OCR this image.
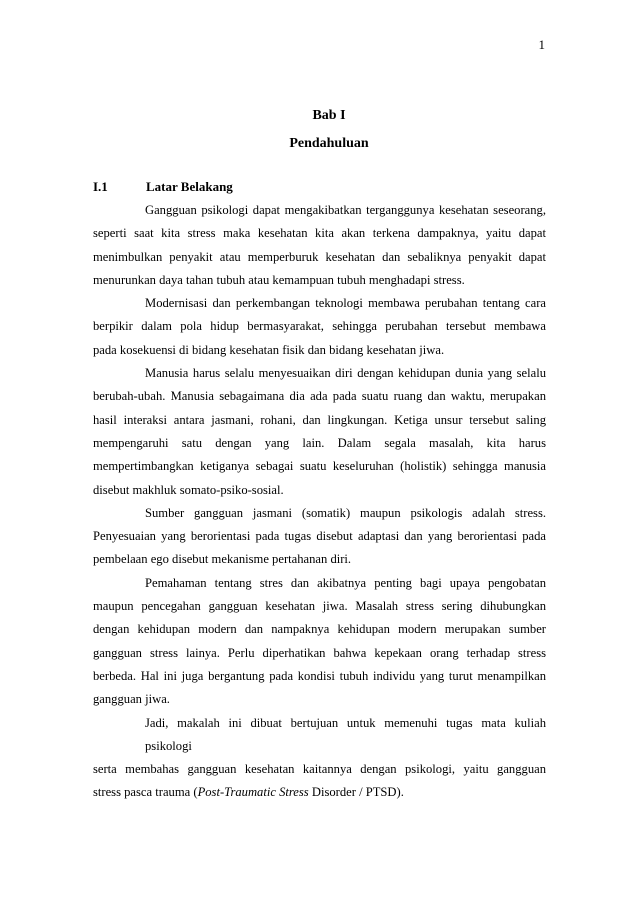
1
Bab I
Pendahuluan
I.1	Latar Belakang
Gangguan psikologi dapat mengakibatkan terganggunya kesehatan seseorang,
seperti saat kita stress maka kesehatan kita akan terkena dampaknya, yaitu dapat
menimbulkan penyakit atau memperburuk kesehatan dan sebaliknya penyakit dapat
menurunkan daya tahan tubuh atau kemampuan tubuh menghadapi stress.
Modernisasi dan perkembangan teknologi membawa perubahan tentang cara
berpikir dalam pola hidup bermasyarakat, sehingga perubahan tersebut membawa
pada kosekuensi di bidang kesehatan fisik dan bidang kesehatan jiwa.
Manusia harus selalu menyesuaikan diri dengan kehidupan dunia yang selalu
berubah-ubah. Manusia sebagaimana dia ada pada suatu ruang dan waktu, merupakan
hasil interaksi antara jasmani, rohani, dan lingkungan. Ketiga unsur tersebut saling
mempengaruhi satu dengan yang lain. Dalam segala masalah, kita harus
mempertimbangkan ketiganya sebagai suatu keseluruhan (holistik) sehingga manusia
disebut makhluk somato-psiko-sosial.
Sumber gangguan jasmani (somatik) maupun psikologis adalah stress.
Penyesuaian yang berorientasi pada tugas disebut adaptasi dan yang berorientasi pada
pembelaan ego disebut mekanisme pertahanan diri.
Pemahaman tentang stres dan akibatnya penting bagi upaya pengobatan
maupun pencegahan gangguan kesehatan jiwa. Masalah stress sering dihubungkan
dengan kehidupan modern dan nampaknya kehidupan modern merupakan sumber
gangguan stress lainya. Perlu diperhatikan bahwa kepekaan orang terhadap stress
berbeda. Hal ini juga bergantung pada kondisi tubuh individu yang turut menampilkan
gangguan jiwa.
Jadi, makalah ini dibuat bertujuan untuk memenuhi tugas mata kuliah psikologi
serta membahas gangguan kesehatan kaitannya dengan psikologi, yaitu gangguan
stress pasca trauma (Post-Traumatic Stress Disorder / PTSD).
